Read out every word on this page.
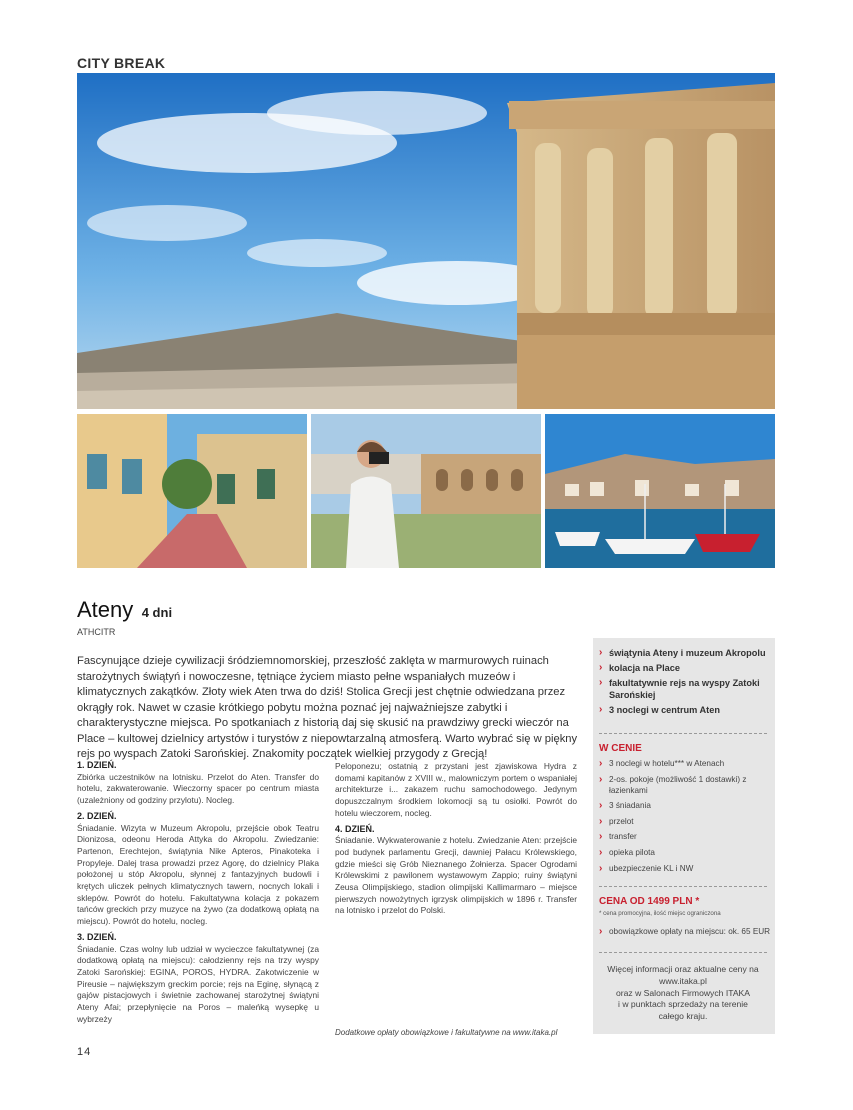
CITY BREAK
Ateny 4 dni
ATHCITR

Fascynujące dzieje cywilizacji śródziemnomorskiej, przeszłość zaklęta w marmurowych ruinach starożytnych świątyń i nowoczesne, tętniące życiem miasto pełne wspaniałych muzeów i klimatycznych zakątków. Złoty wiek Aten trwa do dziś! Stolica Grecji jest chętnie odwiedzana przez okrągły rok. Nawet w czasie krótkiego pobytu można poznać jej najważniejsze zabytki i charakterystyczne miejsca. Po spotkaniach z historią daj się skusić na prawdziwy grecki wieczór na Place – kultowej dzielnicy artystów i turystów z niepowtarzalną atmosferą. Warto wybrać się w piękny rejs po wyspach Zatoki Sarońskiej. Znakomity początek wielkiej przygody z Grecją!

1. DZIEŃ.

Zbiórka uczestników na lotnisku. Przelot do Aten. Transfer do hotelu, zakwaterowanie. Wieczorny spacer po centrum miasta (uzależniony od godziny przylotu). Nocleg.

2. DZIEŃ.

Śniadanie. Wizyta w Muzeum Akropolu, przejście obok Teatru Dionizosa, odeonu Heroda Attyka do Akropolu. Zwiedzanie: Partenon, Erechtejon, świątynia Nike Apteros, Pinakoteka i Propyleje. Dalej trasa prowadzi przez Agorę, do dzielnicy Plaka położonej u stóp Akropolu, słynnej z fantazyjnych budowli i krętych uliczek pełnych klimatycznych tawern, nocnych lokali i sklepów. Powrót do hotelu. Fakultatywna kolacja z pokazem tańców greckich przy muzyce na żywo (za dodatkową opłatą na miejscu). Powrót do hotelu, nocleg.

3. DZIEŃ.

Śniadanie. Czas wolny lub udział w wycieczce fakultatywnej (za dodatkową opłatą na miejscu): całodzienny rejs na trzy wyspy Zatoki Sarońskiej: EGINA, POROS, HYDRA. Zakotwiczenie w Pireusie – największym greckim porcie; rejs na Eginę, słynącą z gajów pistacjowych i świetnie zachowanej starożytnej świątyni Ateny Afai; przepłynięcie na Poros – maleńką wysepkę u wybrzeży

Peloponezu; ostatnią z przystani jest zjawiskowa Hydra z domami kapitanów z XVIII w., malowniczym portem o wspaniałej architekturze i... zakazem ruchu samochodowego. Jedynym dopuszczalnym środkiem lokomocji są tu osiołki. Powrót do hotelu wieczorem, nocleg.

4. DZIEŃ.

Śniadanie. Wykwaterowanie z hotelu. Zwiedzanie Aten: przejście pod budynek parlamentu Grecji, dawniej Pałacu Królewskiego, gdzie mieści się Grób Nieznanego Żołnierza. Spacer Ogrodami Królewskimi z pawilonem wystawowym Zappio; ruiny świątyni Zeusa Olimpijskiego, stadion olimpijski Kallimarmaro – miejsce pierwszych nowożytnych igrzysk olimpijskich w 1896 r. Transfer na lotnisko i przelot do Polski.

Dodatkowe opłaty obowiązkowe i fakultatywne na www.itaka.pl
14
› świątynia Ateny i muzeum Akropolu
› kolacja na Place
› fakultatywnie rejs na wyspy Zatoki Sarońskiej
› 3 noclegi w centrum Aten
W CENIE
› 3 noclegi w hotelu*** w Atenach
› 2-os. pokoje (możliwość 1 dostawki) z łazienkami
› 3 śniadania
› przelot
› transfer
› opieka pilota
› ubezpieczenie KL i NW
CENA OD 1499 PLN *
* cena promocyjna, ilość miejsc ograniczona
› obowiązkowe opłaty na miejscu: ok. 65 EUR
Więcej informacji oraz aktualne ceny na
www.itaka.pl
oraz w Salonach Firmowych ITAKA
i w punktach sprzedaży na terenie
całego kraju.
